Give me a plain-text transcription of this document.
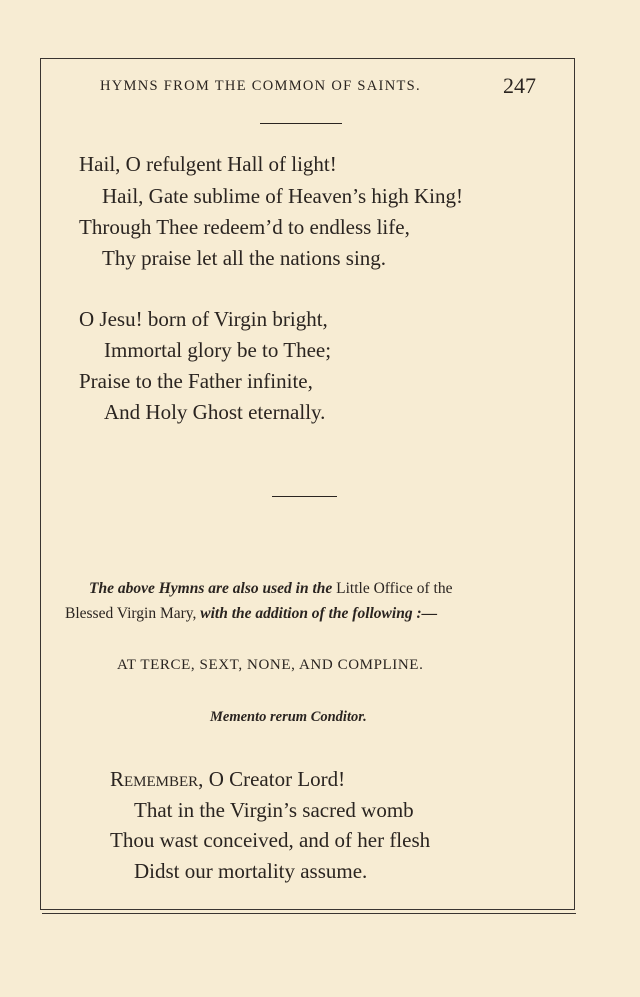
HYMNS FROM THE COMMON OF SAINTS.	247
Hail, O refulgent Hall of light!
Hail, Gate sublime of Heaven’s high King!
Through Thee redeem’d to endless life,
Thy praise let all the nations sing.
O Jesu! born of Virgin bright,
Immortal glory be to Thee;
Praise to the Father infinite,
And Holy Ghost eternally.
The above Hymns are also used in the Little Office of the
Blessed Virgin Mary, with the addition of the following :—
AT TERCE, SEXT, NONE, AND COMPLINE.
Memento rerum Conditor.
Remember, O Creator Lord!
That in the Virgin’s sacred womb
Thou wast conceived, and of her flesh
Didst our mortality assume.
